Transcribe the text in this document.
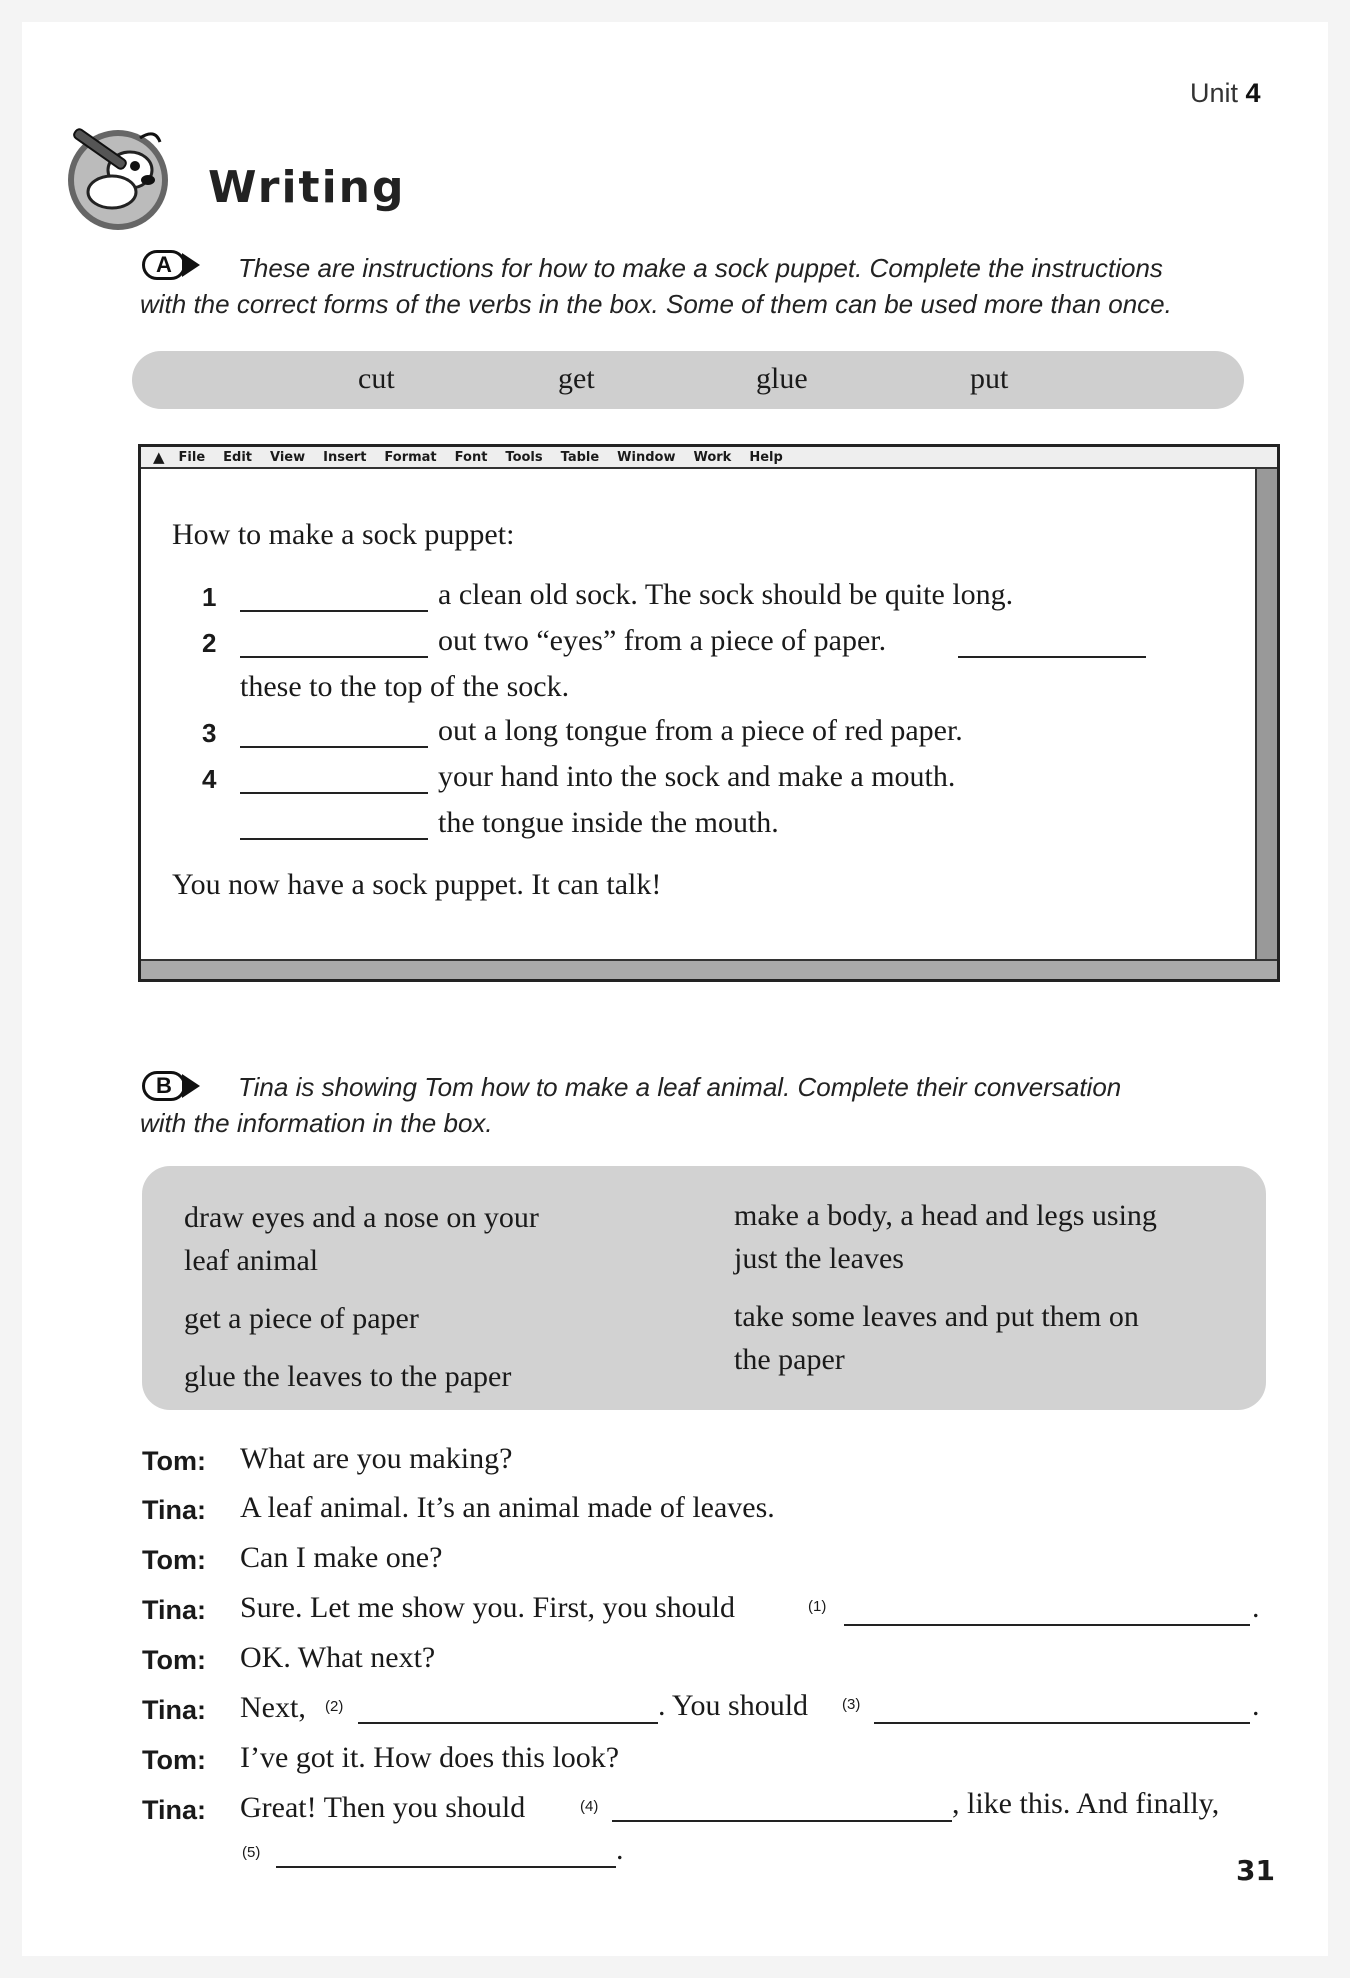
Unit 4
Writing
A	These are instructions for how to make a sock puppet. Complete the instructions
with the correct forms of the verbs in the box. Some of them can be used more than once.
cut	get	glue	put
▲ File Edit View Insert Format Font Tools Table Window Work Help
How to make a sock puppet:
1	a clean old sock. The sock should be quite long.
2	out two “eyes” from a piece of paper.
these to the top of the sock.
3	out a long tongue from a piece of red paper.
4	your hand into the sock and make a mouth.
the tongue inside the mouth.
You now have a sock puppet. It can talk!
B	Tina is showing Tom how to make a leaf animal. Complete their conversation
with the information in the box.
draw eyes and a nose on your
leaf animal
get a piece of paper
glue the leaves to the paper
make a body, a head and legs using
just the leaves
take some leaves and put them on
the paper
Tom: What are you making?
Tina: A leaf animal. It’s an animal made of leaves.
Tom: Can I make one?
Tina: Sure. Let me show you. First, you should	(1)	.
Tom: OK. What next?
Tina: Next, (2)	. You should (3)	.
Tom: I’ve got it. How does this look?
Tina: Great! Then you should	(4)	, like this. And finally,
(5)	.
31
